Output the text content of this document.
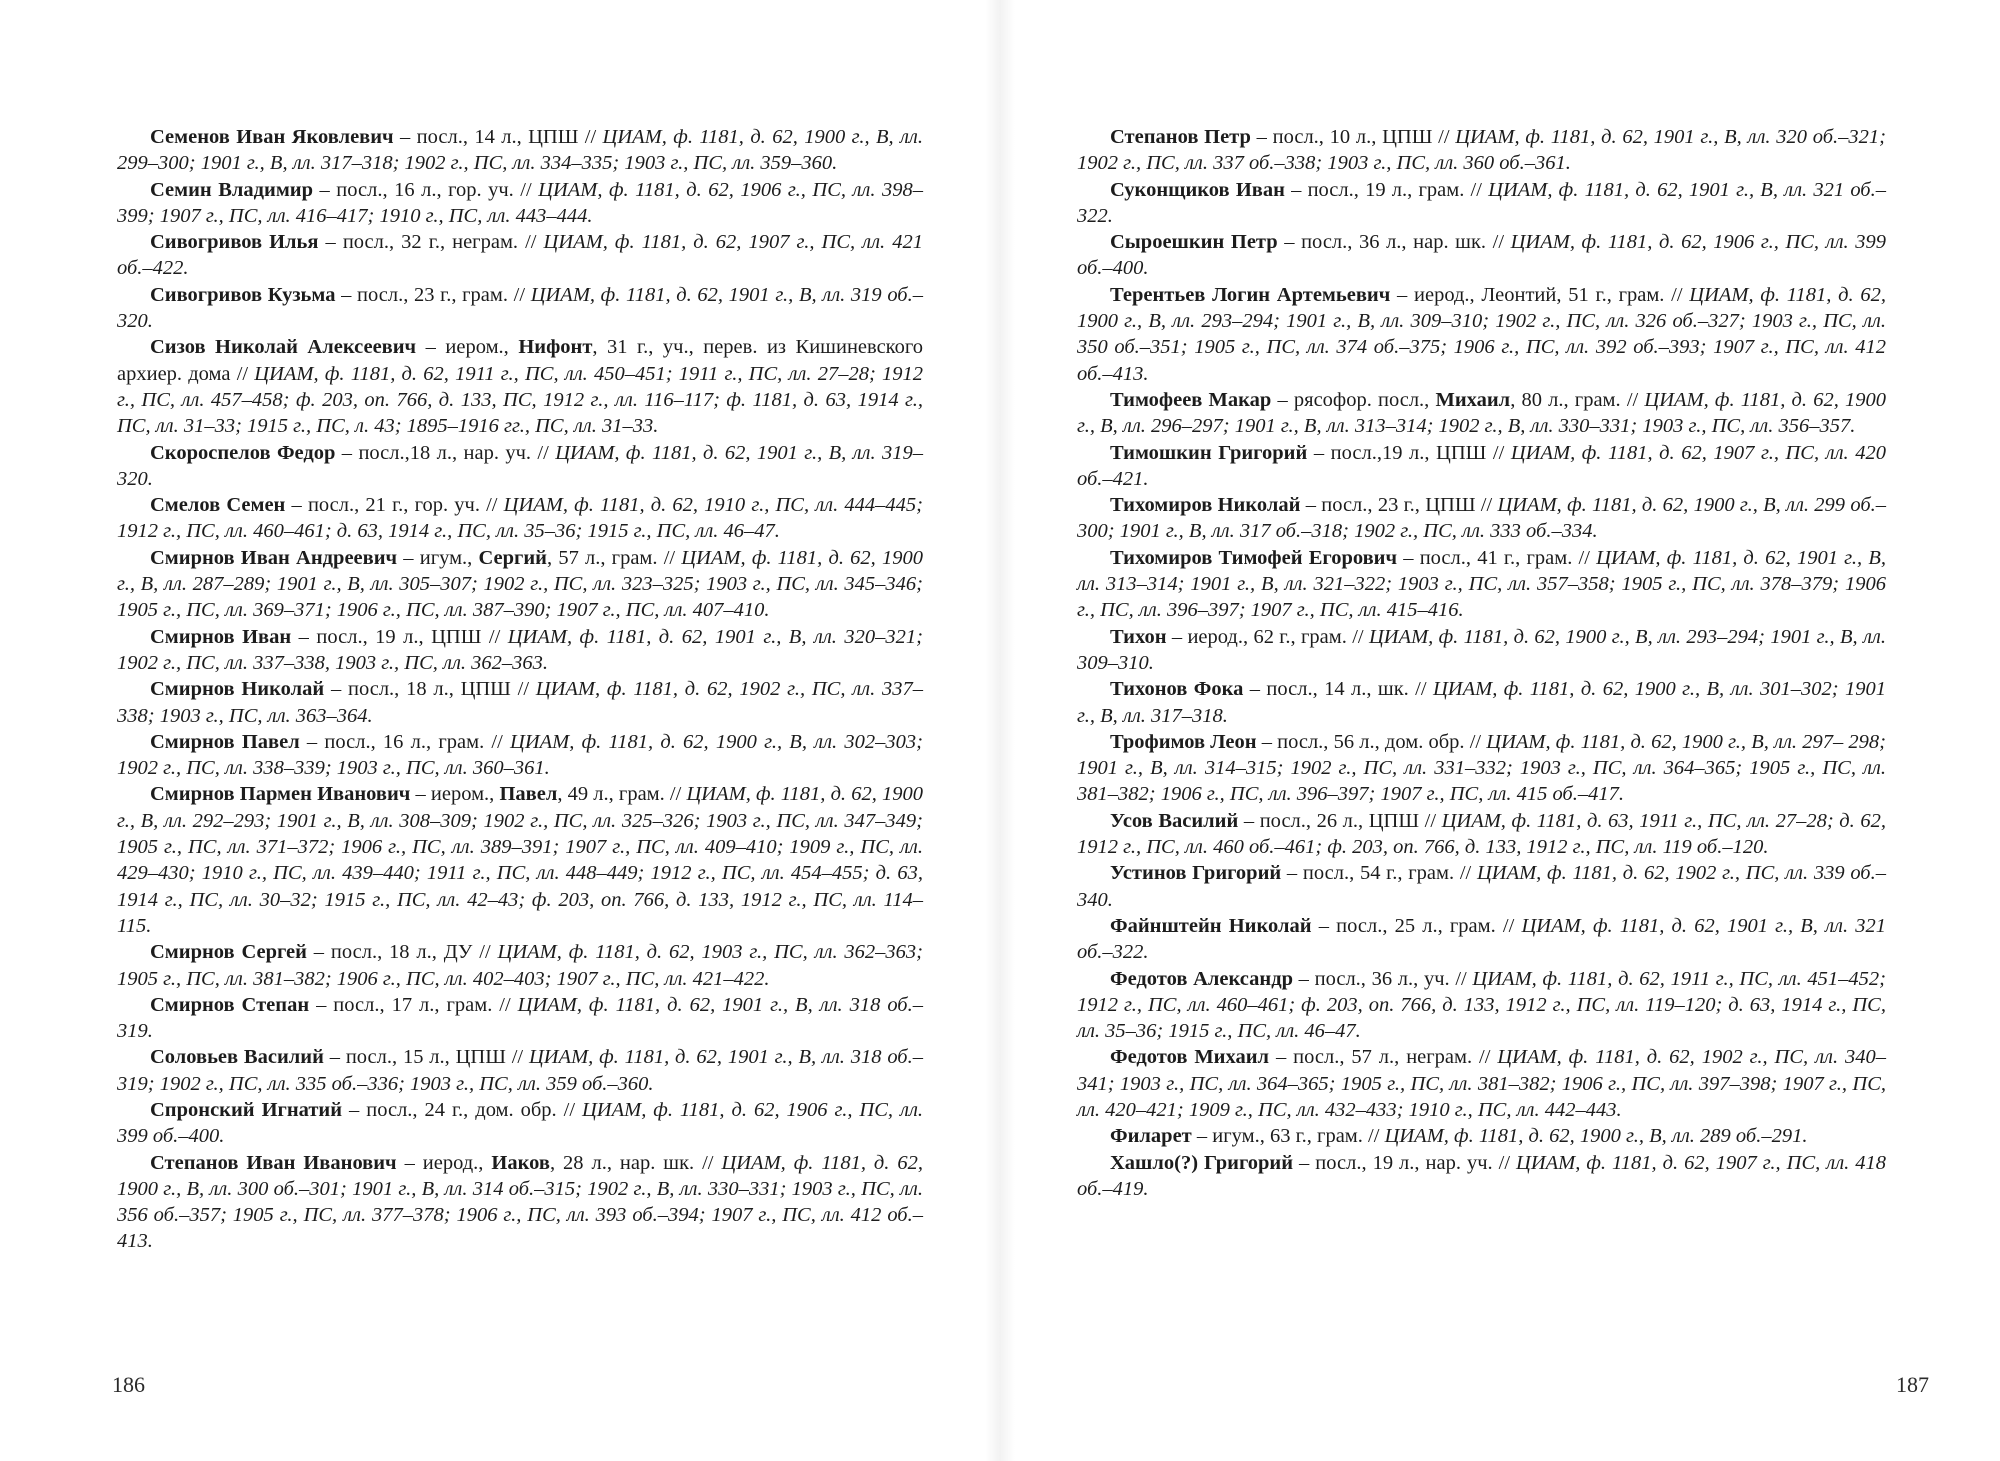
Семенов Иван Яковлевич – посл., 14 л., ЦПШ // ЦИАМ, ф. 1181, д. 62, 1900 г., В, лл. 299–300; 1901 г., В, лл. 317–318; 1902 г., ПС, лл. 334–335; 1903 г., ПС, лл. 359–360.

Семин Владимир – посл., 16 л., гор. уч. // ЦИАМ, ф. 1181, д. 62, 1906 г., ПС, лл. 398–399; 1907 г., ПС, лл. 416–417; 1910 г., ПС, лл. 443–444.

Сивогривов Илья – посл., 32 г., неграм. // ЦИАМ, ф. 1181, д. 62, 1907 г., ПС, лл. 421 об.–422.

Сивогривов Кузьма – посл., 23 г., грам. // ЦИАМ, ф. 1181, д. 62, 1901 г., В, лл. 319 об.–320.

Сизов Николай Алексеевич – иером., Нифонт, 31 г., уч., перев. из Кишиневского архиер. дома // ЦИАМ, ф. 1181, д. 62, 1911 г., ПС, лл. 450–451; 1911 г., ПС, лл. 27–28; 1912 г., ПС, лл. 457–458; ф. 203, оп. 766, д. 133, ПС, 1912 г., лл. 116–117; ф. 1181, д. 63, 1914 г., ПС, лл. 31–33; 1915 г., ПС, л. 43; 1895–1916 гг., ПС, лл. 31–33.

Скороспелов Федор – посл.,18 л., нар. уч. // ЦИАМ, ф. 1181, д. 62, 1901 г., В, лл. 319–320.

Смелов Семен – посл., 21 г., гор. уч. // ЦИАМ, ф. 1181, д. 62, 1910 г., ПС, лл. 444–445; 1912 г., ПС, лл. 460–461; д. 63, 1914 г., ПС, лл. 35–36; 1915 г., ПС, лл. 46–47.

Смирнов Иван Андреевич – игум., Сергий, 57 л., грам. // ЦИАМ, ф. 1181, д. 62, 1900 г., В, лл. 287–289; 1901 г., В, лл. 305–307; 1902 г., ПС, лл. 323–325; 1903 г., ПС, лл. 345–346; 1905 г., ПС, лл. 369–371; 1906 г., ПС, лл. 387–390; 1907 г., ПС, лл. 407–410.

Смирнов Иван – посл., 19 л., ЦПШ // ЦИАМ, ф. 1181, д. 62, 1901 г., В, лл. 320–321; 1902 г., ПС, лл. 337–338, 1903 г., ПС, лл. 362–363.

Смирнов Николай – посл., 18 л., ЦПШ // ЦИАМ, ф. 1181, д. 62, 1902 г., ПС, лл. 337–338; 1903 г., ПС, лл. 363–364.

Смирнов Павел – посл., 16 л., грам. // ЦИАМ, ф. 1181, д. 62, 1900 г., В, лл. 302–303; 1902 г., ПС, лл. 338–339; 1903 г., ПС, лл. 360–361.

Смирнов Пармен Иванович – иером., Павел, 49 л., грам. // ЦИАМ, ф. 1181, д. 62, 1900 г., В, лл. 292–293; 1901 г., В, лл. 308–309; 1902 г., ПС, лл. 325–326; 1903 г., ПС, лл. 347–349; 1905 г., ПС, лл. 371–372; 1906 г., ПС, лл. 389–391; 1907 г., ПС, лл. 409–410; 1909 г., ПС, лл. 429–430; 1910 г., ПС, лл. 439–440; 1911 г., ПС, лл. 448–449; 1912 г., ПС, лл. 454–455; д. 63, 1914 г., ПС, лл. 30–32; 1915 г., ПС, лл. 42–43; ф. 203, оп. 766, д. 133, 1912 г., ПС, лл. 114–115.

Смирнов Сергей – посл., 18 л., ДУ // ЦИАМ, ф. 1181, д. 62, 1903 г., ПС, лл. 362–363; 1905 г., ПС, лл. 381–382; 1906 г., ПС, лл. 402–403; 1907 г., ПС, лл. 421–422.

Смирнов Степан – посл., 17 л., грам. // ЦИАМ, ф. 1181, д. 62, 1901 г., В, лл. 318 об.–319.

Соловьев Василий – посл., 15 л., ЦПШ // ЦИАМ, ф. 1181, д. 62, 1901 г., В, лл. 318 об.–319; 1902 г., ПС, лл. 335 об.–336; 1903 г., ПС, лл. 359 об.–360.

Спронский Игнатий – посл., 24 г., дом. обр. // ЦИАМ, ф. 1181, д. 62, 1906 г., ПС, лл. 399 об.–400.

Степанов Иван Иванович – иерод., Иаков, 28 л., нар. шк. // ЦИАМ, ф. 1181, д. 62, 1900 г., В, лл. 300 об.–301; 1901 г., В, лл. 314 об.–315; 1902 г., В, лл. 330–331; 1903 г., ПС, лл. 356 об.–357; 1905 г., ПС, лл. 377–378; 1906 г., ПС, лл. 393 об.–394; 1907 г., ПС, лл. 412 об.–413.

186

Степанов Петр – посл., 10 л., ЦПШ // ЦИАМ, ф. 1181, д. 62, 1901 г., В, лл. 320 об.–321; 1902 г., ПС, лл. 337 об.–338; 1903 г., ПС, лл. 360 об.–361.

Суконщиков Иван – посл., 19 л., грам. // ЦИАМ, ф. 1181, д. 62, 1901 г., В, лл. 321 об.–322.

Сыроешкин Петр – посл., 36 л., нар. шк. // ЦИАМ, ф. 1181, д. 62, 1906 г., ПС, лл. 399 об.–400.

Терентьев Логин Артемьевич – иерод., Леонтий, 51 г., грам. // ЦИАМ, ф. 1181, д. 62, 1900 г., В, лл. 293–294; 1901 г., В, лл. 309–310; 1902 г., ПС, лл. 326 об.–327; 1903 г., ПС, лл. 350 об.–351; 1905 г., ПС, лл. 374 об.–375; 1906 г., ПС, лл. 392 об.–393; 1907 г., ПС, лл. 412 об.–413.

Тимофеев Макар – рясофор. посл., Михаил, 80 л., грам. // ЦИАМ, ф. 1181, д. 62, 1900 г., В, лл. 296–297; 1901 г., В, лл. 313–314; 1902 г., В, лл. 330–331; 1903 г., ПС, лл. 356–357.

Тимошкин Григорий – посл.,19 л., ЦПШ // ЦИАМ, ф. 1181, д. 62, 1907 г., ПС, лл. 420 об.–421.

Тихомиров Николай – посл., 23 г., ЦПШ // ЦИАМ, ф. 1181, д. 62, 1900 г., В, лл. 299 об.–300; 1901 г., В, лл. 317 об.–318; 1902 г., ПС, лл. 333 об.–334.

Тихомиров Тимофей Егорович – посл., 41 г., грам. // ЦИАМ, ф. 1181, д. 62, 1901 г., В, лл. 313–314; 1901 г., В, лл. 321–322; 1903 г., ПС, лл. 357–358; 1905 г., ПС, лл. 378–379; 1906 г., ПС, лл. 396–397; 1907 г., ПС, лл. 415–416.

Тихон – иерод., 62 г., грам. // ЦИАМ, ф. 1181, д. 62, 1900 г., В, лл. 293–294; 1901 г., В, лл. 309–310.

Тихонов Фока – посл., 14 л., шк. // ЦИАМ, ф. 1181, д. 62, 1900 г., В, лл. 301–302; 1901 г., В, лл. 317–318.

Трофимов Леон – посл., 56 л., дом. обр. // ЦИАМ, ф. 1181, д. 62, 1900 г., В, лл. 297– 298; 1901 г., В, лл. 314–315; 1902 г., ПС, лл. 331–332; 1903 г., ПС, лл. 364–365; 1905 г., ПС, лл. 381–382; 1906 г., ПС, лл. 396–397; 1907 г., ПС, лл. 415 об.–417.

Усов Василий – посл., 26 л., ЦПШ // ЦИАМ, ф. 1181, д. 63, 1911 г., ПС, лл. 27–28; д. 62, 1912 г., ПС, лл. 460 об.–461; ф. 203, оп. 766, д. 133, 1912 г., ПС, лл. 119 об.–120.

Устинов Григорий – посл., 54 г., грам. // ЦИАМ, ф. 1181, д. 62, 1902 г., ПС, лл. 339 об.–340.

Файнштейн Николай – посл., 25 л., грам. // ЦИАМ, ф. 1181, д. 62, 1901 г., В, лл. 321 об.–322.

Федотов Александр – посл., 36 л., уч. // ЦИАМ, ф. 1181, д. 62, 1911 г., ПС, лл. 451–452; 1912 г., ПС, лл. 460–461; ф. 203, оп. 766, д. 133, 1912 г., ПС, лл. 119–120; д. 63, 1914 г., ПС, лл. 35–36; 1915 г., ПС, лл. 46–47.

Федотов Михаил – посл., 57 л., неграм. // ЦИАМ, ф. 1181, д. 62, 1902 г., ПС, лл. 340–341; 1903 г., ПС, лл. 364–365; 1905 г., ПС, лл. 381–382; 1906 г., ПС, лл. 397–398; 1907 г., ПС, лл. 420–421; 1909 г., ПС, лл. 432–433; 1910 г., ПС, лл. 442–443.

Филарет – игум., 63 г., грам. // ЦИАМ, ф. 1181, д. 62, 1900 г., В, лл. 289 об.–291.

Хашло(?) Григорий – посл., 19 л., нар. уч. // ЦИАМ, ф. 1181, д. 62, 1907 г., ПС, лл. 418 об.–419.

187
